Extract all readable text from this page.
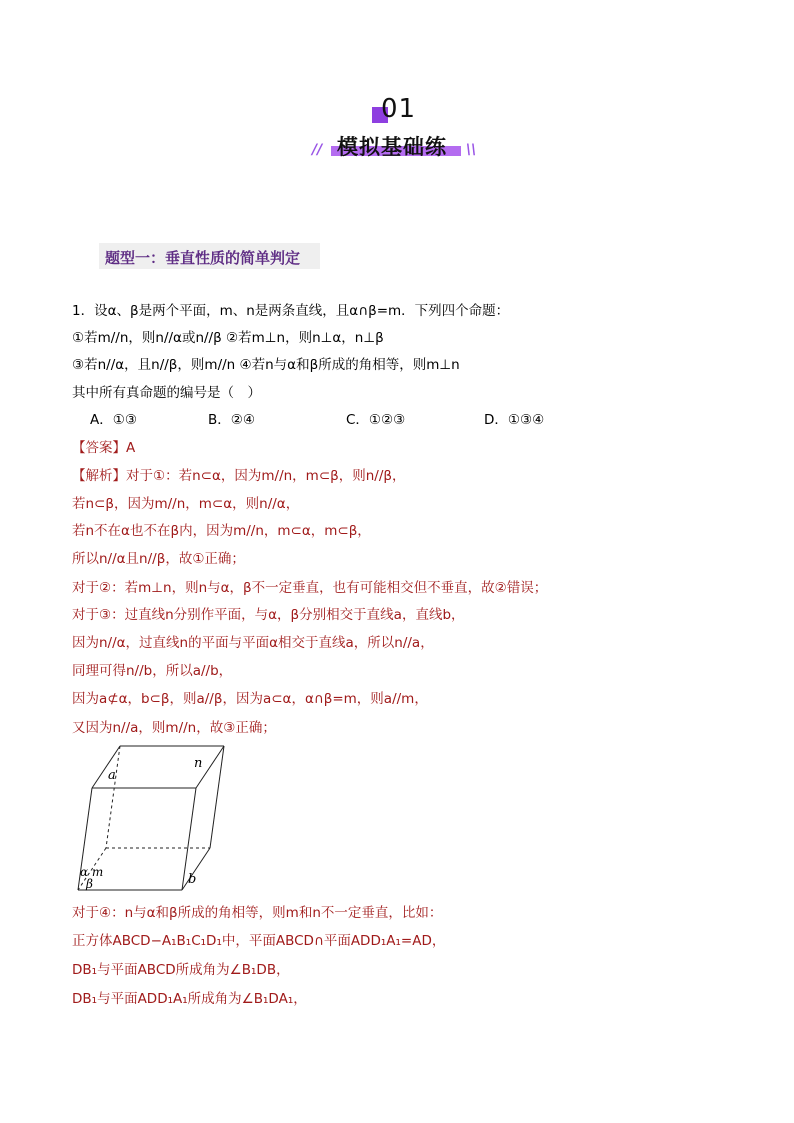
01
// 模拟基础练 \\
题型一：垂直性质的简单判定
1．设α、β是两个平面，m、n是两条直线，且α∩β=m．下列四个命题：
①若m//n，则n//α或n//β ②若m⊥n，则n⊥α，n⊥β
③若n//α，且n//β，则m//n ④若n与α和β所成的角相等，则m⊥n
其中所有真命题的编号是（　）
A．①③	B．②④	C．①②③	D．①③④
【答案】A
【解析】对于①：若n⊂α，因为m//n，m⊂β，则n//β，
若n⊂β，因为m//n，m⊂α，则n//α，
若n不在α也不在β内，因为m//n，m⊂α，m⊂β，
所以n//α且n//β，故①正确；
对于②：若m⊥n，则n与α，β不一定垂直，也有可能相交但不垂直，故②错误；
对于③：过直线n分别作平面，与α，β分别相交于直线a，直线b，
因为n//α，过直线n的平面与平面α相交于直线a，所以n//a，
同理可得n//b，所以a//b，
因为a⊄α，b⊂β，则a//β，因为a⊂α，α∩β=m，则a//m，
又因为n//a，则m//n，故③正确；
a
n
α m
β	b
对于④：n与α和β所成的角相等，则m和n不一定垂直，比如：
正方体ABCD−A₁B₁C₁D₁中，平面ABCD∩平面ADD₁A₁=AD，
DB₁与平面ABCD所成角为∠B₁DB，
DB₁与平面ADD₁A₁所成角为∠B₁DA₁，
